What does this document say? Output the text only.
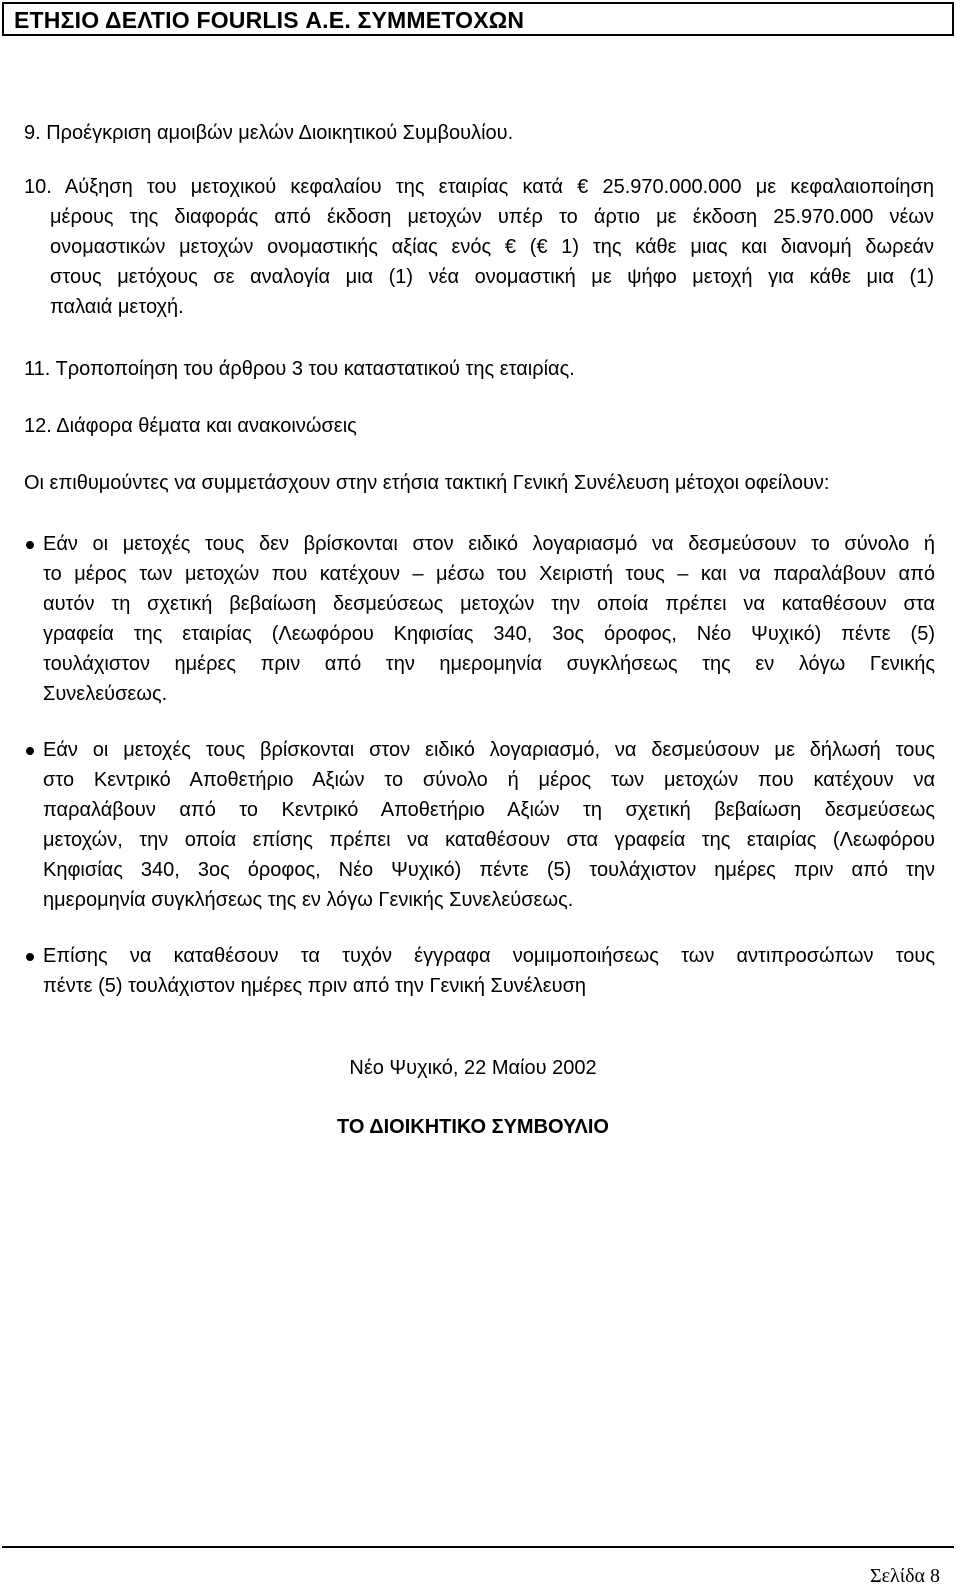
ΕΤΗΣΙΟ ΔΕΛΤΙΟ FOURLIS Α.Ε. ΣΥΜΜΕΤΟΧΩΝ
9. Προέγκριση αμοιβών μελών Διοικητικού Συμβουλίου.
10. Αύξηση του μετοχικού κεφαλαίου της εταιρίας κατά € 25.970.000.000 με κεφαλαιοποίηση
μέρους της διαφοράς από έκδοση μετοχών υπέρ το άρτιο με έκδοση 25.970.000 νέων
ονομαστικών μετοχών ονομαστικής αξίας ενός € (€ 1) της κάθε μιας και διανομή δωρεάν
στους μετόχους σε αναλογία μια (1) νέα ονομαστική με ψήφο μετοχή για κάθε μια (1)
παλαιά μετοχή.
11. Τροποποίηση του άρθρου 3 του καταστατικού της εταιρίας.
12. Διάφορα θέματα και ανακοινώσεις
Οι επιθυμούντες να συμμετάσχουν στην ετήσια τακτική Γενική Συνέλευση μέτοχοι οφείλουν:
Εάν οι μετοχές τους δεν βρίσκονται στον ειδικό λογαριασμό να δεσμεύσουν το σύνολο ή
το μέρος των μετοχών που κατέχουν – μέσω του Χειριστή τους – και να παραλάβουν από
αυτόν τη σχετική βεβαίωση δεσμεύσεως μετοχών την οποία πρέπει να καταθέσουν στα
γραφεία της εταιρίας (Λεωφόρου Κηφισίας 340, 3ος όροφος, Νέο Ψυχικό) πέντε (5)
τουλάχιστον ημέρες πριν από την ημερομηνία συγκλήσεως της εν λόγω Γενικής
Συνελεύσεως.
Εάν οι μετοχές τους βρίσκονται στον ειδικό λογαριασμό, να δεσμεύσουν με δήλωσή τους
στο Κεντρικό Αποθετήριο Αξιών το σύνολο ή μέρος των μετοχών που κατέχουν να
παραλάβουν από το Κεντρικό Αποθετήριο Αξιών τη σχετική βεβαίωση δεσμεύσεως
μετοχών, την οποία επίσης πρέπει να καταθέσουν στα γραφεία της εταιρίας (Λεωφόρου
Κηφισίας 340, 3ος όροφος, Νέο Ψυχικό) πέντε (5) τουλάχιστον ημέρες πριν από την
ημερομηνία συγκλήσεως της εν λόγω Γενικής Συνελεύσεως.
Επίσης να καταθέσουν τα τυχόν έγγραφα νομιμοποιήσεως των αντιπροσώπων τους
πέντε (5) τουλάχιστον ημέρες πριν από την Γενική Συνέλευση
Νέο Ψυχικό, 22 Μαίου 2002
ΤΟ ΔΙΟΙΚΗΤΙΚΟ ΣΥΜΒΟΥΛΙΟ
Σελίδα 8
